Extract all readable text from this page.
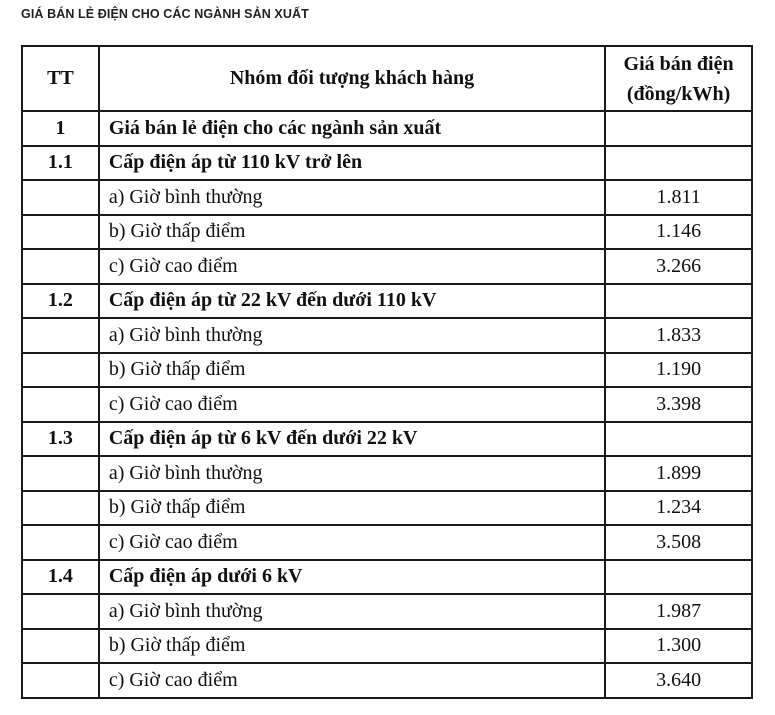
GIÁ BÁN LẺ ĐIỆN CHO CÁC NGÀNH SẢN XUẤT
TT	Nhóm đối tượng khách hàng	Giá bán điện
(đồng/kWh)

1	Giá bán lẻ điện cho các ngành sản xuất	
1.1	Cấp điện áp từ 110 kV trở lên	
	a) Giờ bình thường	1.811
	b) Giờ thấp điểm	1.146
	c) Giờ cao điểm	3.266
1.2	Cấp điện áp từ 22 kV đến dưới 110 kV	
	a) Giờ bình thường	1.833
	b) Giờ thấp điểm	1.190
	c) Giờ cao điểm	3.398
1.3	Cấp điện áp từ 6 kV đến dưới 22 kV	
	a) Giờ bình thường	1.899
	b) Giờ thấp điểm	1.234
	c) Giờ cao điểm	3.508
1.4	Cấp điện áp dưới 6 kV	
	a) Giờ bình thường	1.987
	b) Giờ thấp điểm	1.300
	c) Giờ cao điểm	3.640
